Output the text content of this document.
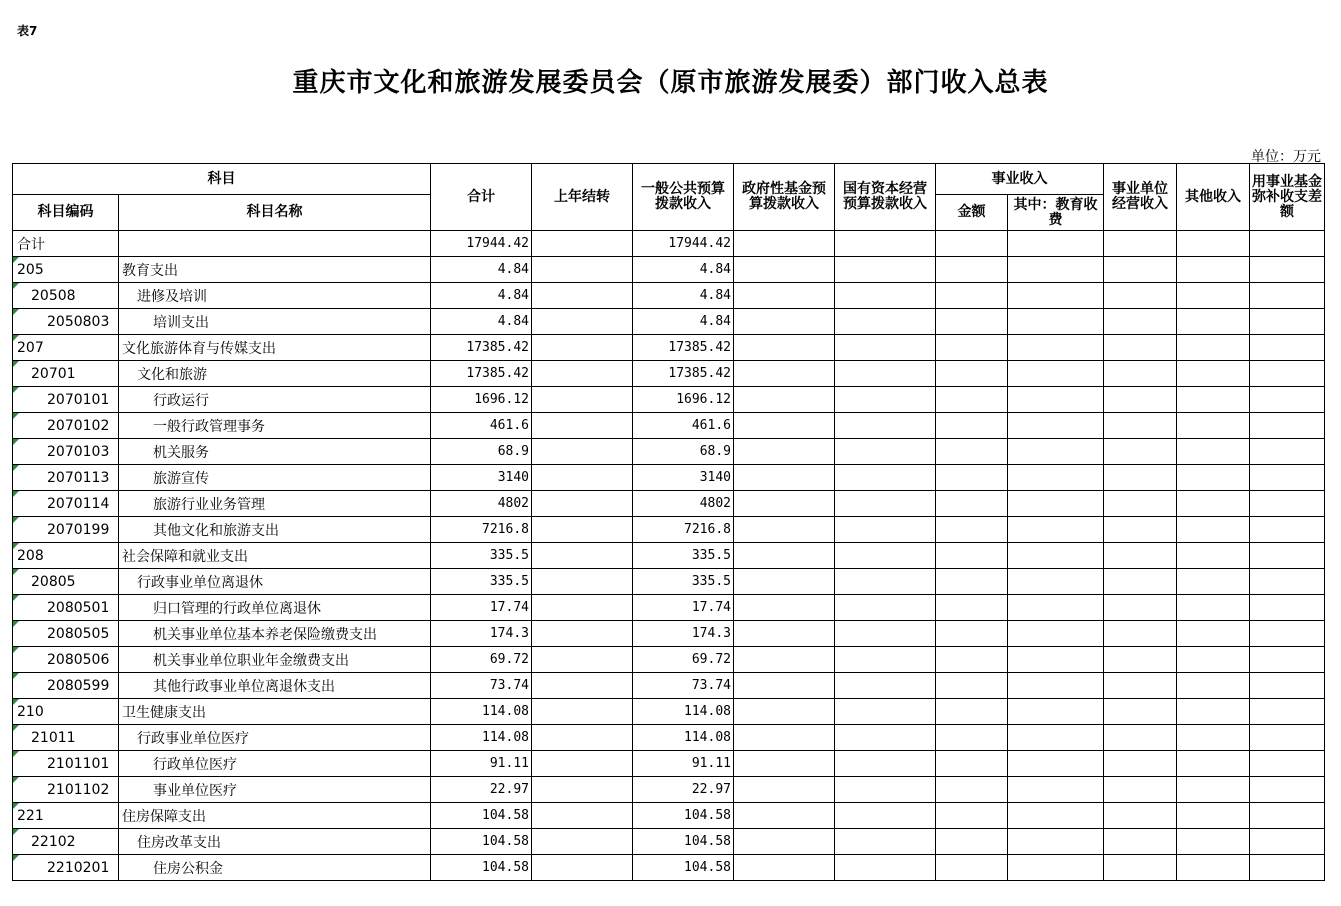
表7
重庆市文化和旅游发展委员会（原市旅游发展委）部门收入总表
单位：万元
科目		合计	上年结转	一般公共预算拨款收入	政府性基金预算拨款收入	国有资本经营预算拨款收入	事业收入		事业单位经营收入	其他收入	用事业基金弥补收支差额
科目编码	科目名称						金额	其中：教育收费			
合计		17944.42		17944.42							

205	教育支出	4.84		4.84							

20508	进修及培训	4.84		4.84							

2050803	培训支出	4.84		4.84							

207	文化旅游体育与传媒支出	17385.42		17385.42							

20701	文化和旅游	17385.42		17385.42							

2070101	行政运行	1696.12		1696.12							

2070102	一般行政管理事务	461.6		461.6							

2070103	机关服务	68.9		68.9							

2070113	旅游宣传	3140		3140							

2070114	旅游行业业务管理	4802		4802							

2070199	其他文化和旅游支出	7216.8		7216.8							

208	社会保障和就业支出	335.5		335.5							

20805	行政事业单位离退休	335.5		335.5							

2080501	归口管理的行政单位离退休	17.74		17.74							

2080505	机关事业单位基本养老保险缴费支出	174.3		174.3							

2080506	机关事业单位职业年金缴费支出	69.72		69.72							

2080599	其他行政事业单位离退休支出	73.74		73.74							

210	卫生健康支出	114.08		114.08							

21011	行政事业单位医疗	114.08		114.08							

2101101	行政单位医疗	91.11		91.11							

2101102	事业单位医疗	22.97		22.97							

221	住房保障支出	104.58		104.58							

22102	住房改革支出	104.58		104.58							

2210201	住房公积金	104.58		104.58							
